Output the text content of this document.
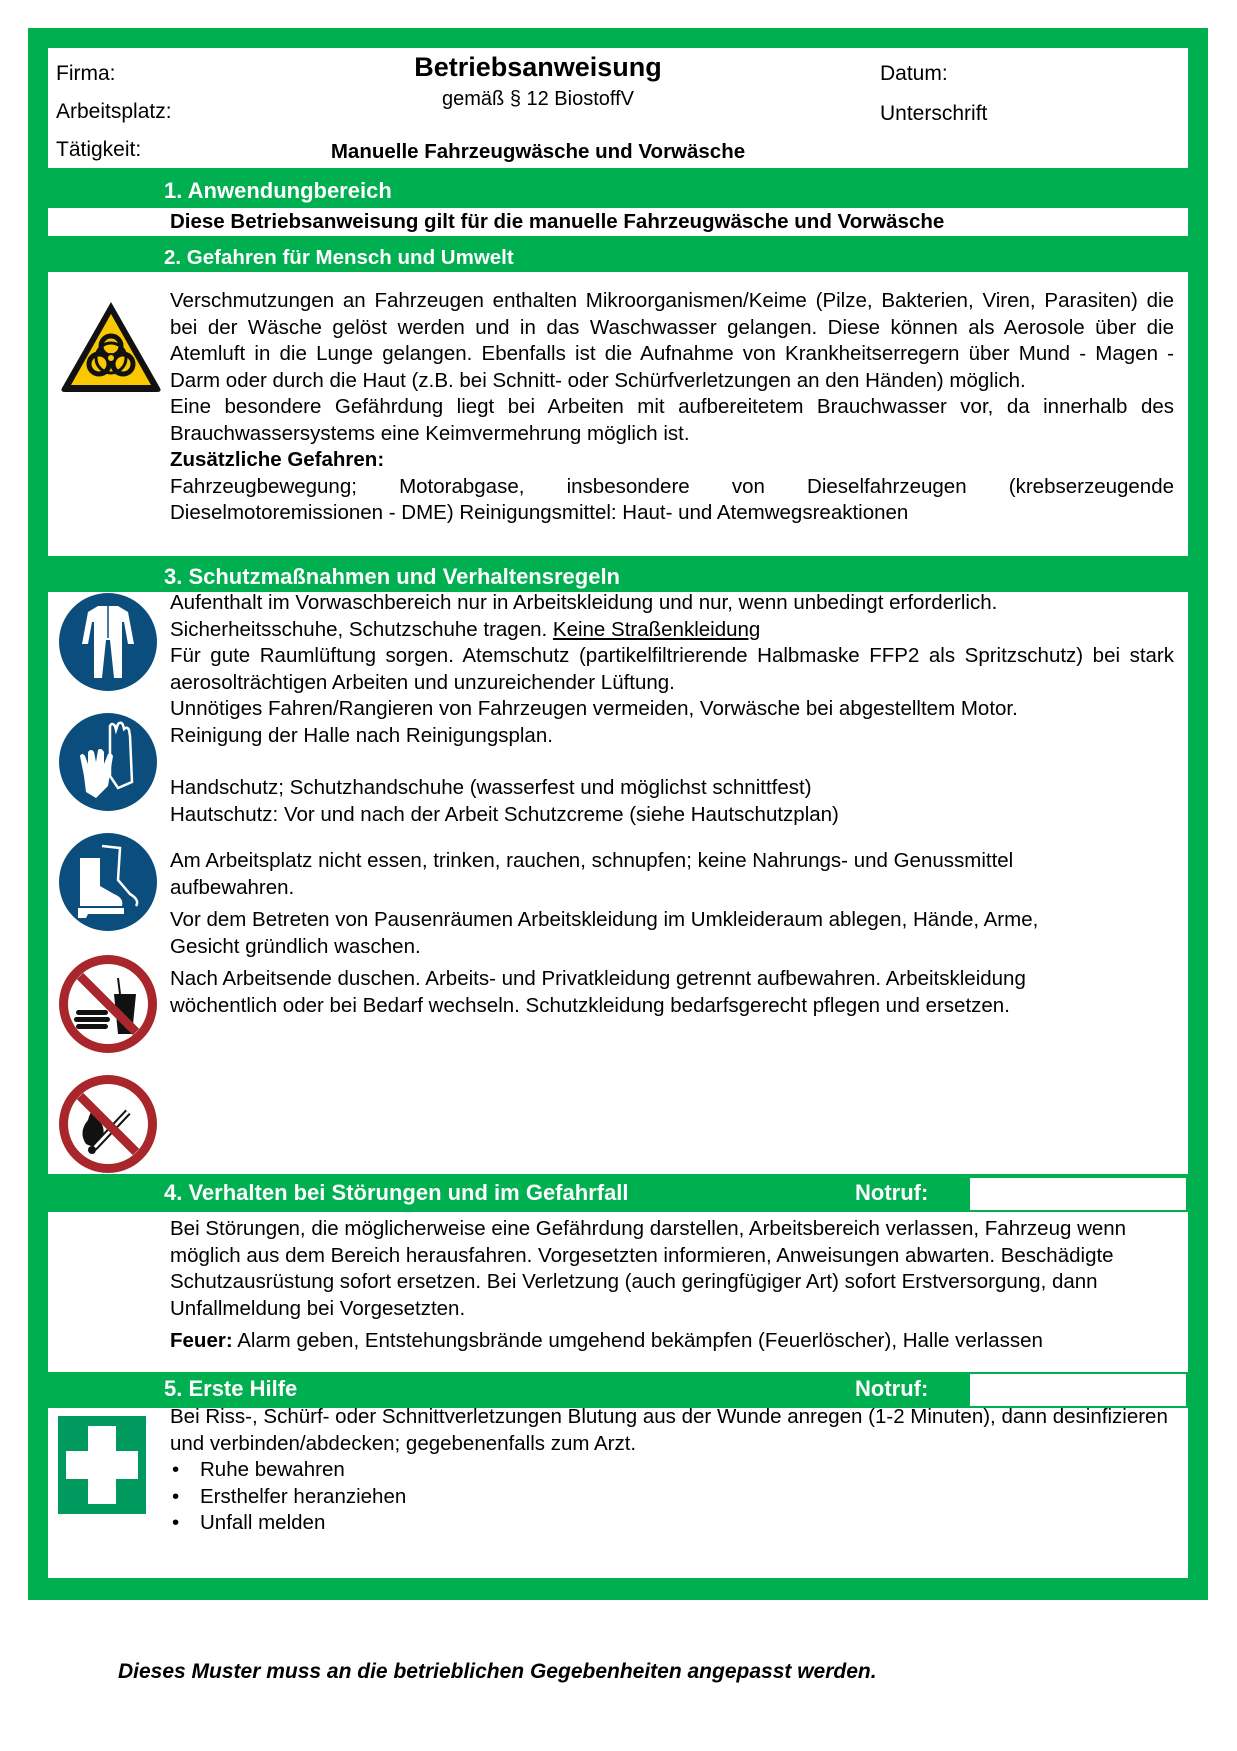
Firma:
Arbeitsplatz:
Tätigkeit:
Betriebsanweisung
gemäß § 12 BiostoffV
Manuelle Fahrzeugwäsche und Vorwäsche
Datum:
Unterschrift
1. Anwendungbereich
Diese Betriebsanweisung gilt für die manuelle Fahrzeugwäsche und Vorwäsche
2. Gefahren für Mensch und Umwelt
Verschmutzungen an Fahrzeugen enthalten Mikroorganismen/Keime (Pilze, Bakterien, Viren, Parasiten) die bei der Wäsche gelöst werden und in das Waschwasser gelangen. Diese können als Aerosole über die Atemluft in die Lunge gelangen. Ebenfalls ist die Aufnahme von Krankheitserregern über Mund - Magen - Darm oder durch die Haut (z.B. bei Schnitt- oder Schürfverletzungen an den Händen) möglich.
Eine besondere Gefährdung liegt bei Arbeiten mit aufbereitetem Brauchwasser vor, da innerhalb des Brauchwassersystems eine Keimvermehrung möglich ist.
Zusätzliche Gefahren:
Fahrzeugbewegung; Motorabgase, insbesondere von Dieselfahrzeugen (krebserzeugende Dieselmotoremissionen - DME) Reinigungsmittel: Haut- und Atemwegsreaktionen
3. Schutzmaßnahmen und Verhaltensregeln
Aufenthalt im Vorwaschbereich nur in Arbeitskleidung und nur, wenn unbedingt erforderlich.
Sicherheitsschuhe, Schutzschuhe tragen. Keine Straßenkleidung
Für gute Raumlüftung sorgen. Atemschutz (partikelfiltrierende Halbmaske FFP2 als Spritzschutz) bei stark aerosolträchtigen Arbeiten und unzureichender Lüftung.
Unnötiges Fahren/Rangieren von Fahrzeugen vermeiden, Vorwäsche bei abgestelltem Motor.
Reinigung der Halle nach Reinigungsplan.
Handschutz; Schutzhandschuhe (wasserfest und möglichst schnittfest)
Hautschutz: Vor und nach der Arbeit Schutzcreme (siehe Hautschutzplan)
Am Arbeitsplatz nicht essen, trinken, rauchen, schnupfen; keine Nahrungs- und Genussmittel aufbewahren.
Vor dem Betreten von Pausenräumen Arbeitskleidung im Umkleideraum ablegen, Hände, Arme, Gesicht gründlich waschen.
Nach Arbeitsende duschen. Arbeits- und Privatkleidung getrennt aufbewahren. Arbeitskleidung wöchentlich oder bei Bedarf wechseln. Schutzkleidung bedarfsgerecht pflegen und ersetzen.
4. Verhalten bei Störungen und im Gefahrfall	Notruf:
Bei Störungen, die möglicherweise eine Gefährdung darstellen, Arbeitsbereich verlassen, Fahrzeug wenn möglich aus dem Bereich herausfahren. Vorgesetzten informieren, Anweisungen abwarten. Beschädigte Schutzausrüstung sofort ersetzen. Bei Verletzung (auch geringfügiger Art) sofort Erstversorgung, dann Unfallmeldung bei Vorgesetzten.
Feuer: Alarm geben, Entstehungsbrände umgehend bekämpfen (Feuerlöscher), Halle verlassen
5. Erste Hilfe	Notruf:
Bei Riss-, Schürf- oder Schnittverletzungen Blutung aus der Wunde anregen (1-2 Minuten), dann desinfizieren und verbinden/abdecken; gegebenenfalls zum Arzt.
• Ruhe bewahren
• Ersthelfer heranziehen
• Unfall melden
Dieses Muster muss an die betrieblichen Gegebenheiten angepasst werden.
